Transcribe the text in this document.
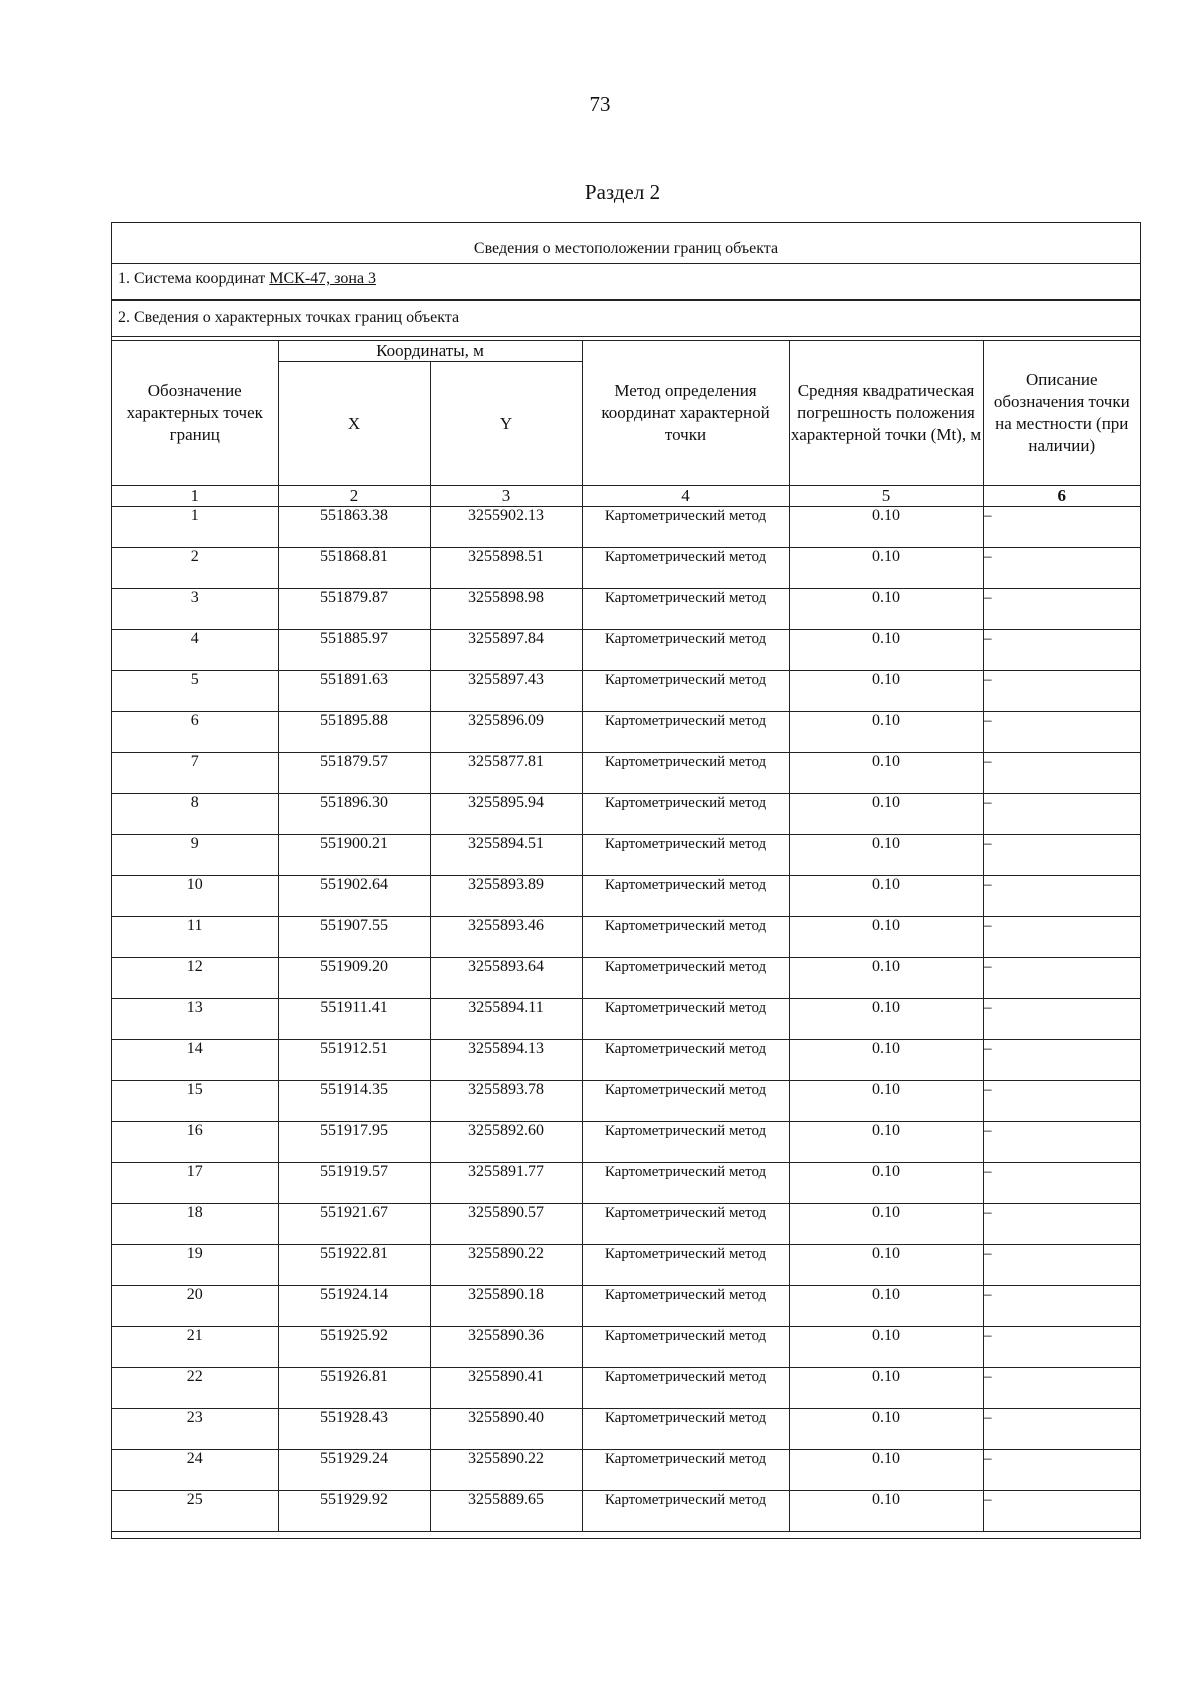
73
Раздел 2
Сведения о местоположении границ объекта
1. Система координат МСК-47, зона 3
2. Сведения о характерных точках границ объекта
Обозначение характерных точек границ	Координаты, м		Метод определения координат характерной точки	Средняя квадратическая погрешность положения характерной точки (Mt), м	Описание обозначения точки на местности (при наличии)
	X	Y			
1	2	3	4	5	6
1	551863.38	3255902.13	Картометрический метод	0.10	–
2	551868.81	3255898.51	Картометрический метод	0.10	–
3	551879.87	3255898.98	Картометрический метод	0.10	–
4	551885.97	3255897.84	Картометрический метод	0.10	–
5	551891.63	3255897.43	Картометрический метод	0.10	–
6	551895.88	3255896.09	Картометрический метод	0.10	–
7	551879.57	3255877.81	Картометрический метод	0.10	–
8	551896.30	3255895.94	Картометрический метод	0.10	–
9	551900.21	3255894.51	Картометрический метод	0.10	–
10	551902.64	3255893.89	Картометрический метод	0.10	–
11	551907.55	3255893.46	Картометрический метод	0.10	–
12	551909.20	3255893.64	Картометрический метод	0.10	–
13	551911.41	3255894.11	Картометрический метод	0.10	–
14	551912.51	3255894.13	Картометрический метод	0.10	–
15	551914.35	3255893.78	Картометрический метод	0.10	–
16	551917.95	3255892.60	Картометрический метод	0.10	–
17	551919.57	3255891.77	Картометрический метод	0.10	–
18	551921.67	3255890.57	Картометрический метод	0.10	–
19	551922.81	3255890.22	Картометрический метод	0.10	–
20	551924.14	3255890.18	Картометрический метод	0.10	–
21	551925.92	3255890.36	Картометрический метод	0.10	–
22	551926.81	3255890.41	Картометрический метод	0.10	–
23	551928.43	3255890.40	Картометрический метод	0.10	–
24	551929.24	3255890.22	Картометрический метод	0.10	–
25	551929.92	3255889.65	Картометрический метод	0.10	–
